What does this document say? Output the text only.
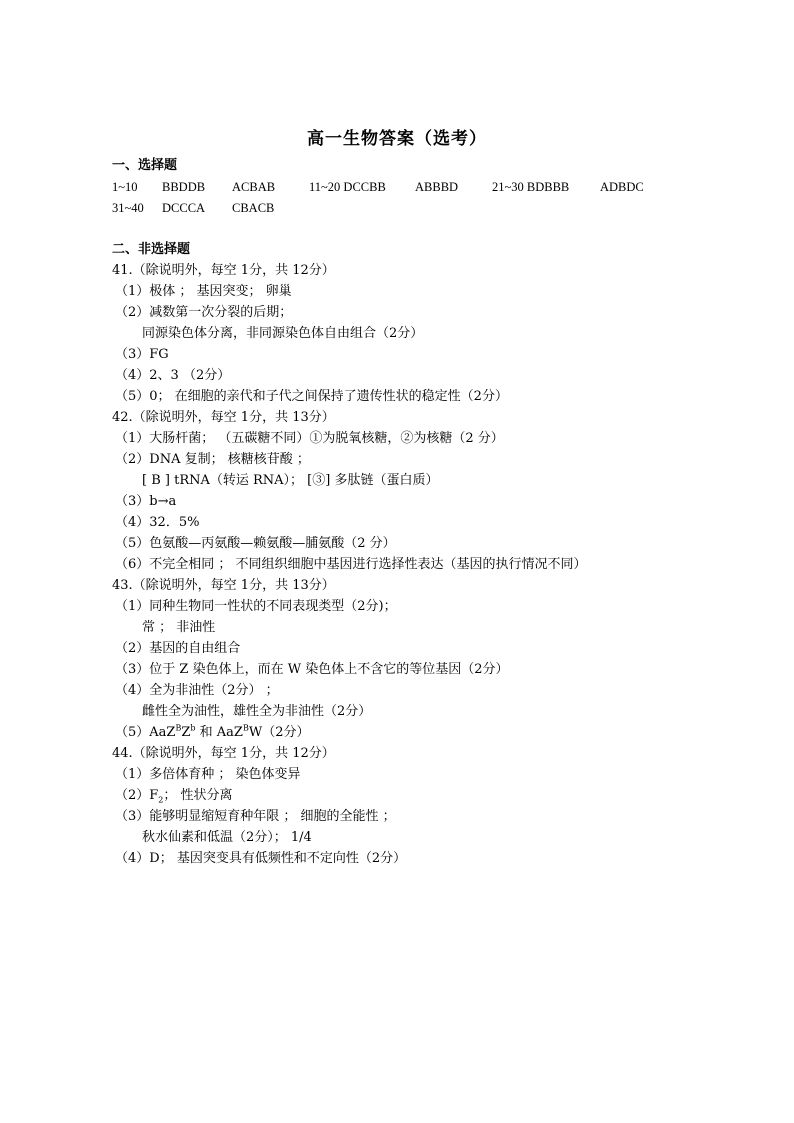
高一生物答案（选考）
一、选择题
1~10 BBDDB ACBAB	11~20 DCCBB ABBBD	21~30 BDBBB ADBDC
31~40 DCCCA CBACB
二、非选择题
41.（除说明外，每空 1分，共 12分）
（1）极体 ； 基因突变； 卵巢
（2）减数第一次分裂的后期；
同源染色体分离，非同源染色体自由组合（2分）
（3）FG
（4）2、3 （2分）
（5）0； 在细胞的亲代和子代之间保持了遗传性状的稳定性（2分）
42.（除说明外，每空 1分，共 13分）
（1）大肠杆菌； （五碳糖不同）①为脱氧核糖，②为核糖（2 分）
（2）DNA 复制； 核糖核苷酸 ；
[ B ] tRNA（转运 RNA）； [③] 多肽链（蛋白质）
（3）b→a
（4）32．5%
（5）色氨酸—丙氨酸—赖氨酸—脯氨酸（2 分）
（6）不完全相同 ； 不同组织细胞中基因进行选择性表达（基因的执行情况不同）
43.（除说明外，每空 1分，共 13分）
（1）同种生物同一性状的不同表现类型（2分)；
常 ； 非油性
（2）基因的自由组合
（3）位于 Z 染色体上，而在 W 染色体上不含它的等位基因（2分）
（4）全为非油性（2分） ；
雌性全为油性，雄性全为非油性（2分）
$(5)AaZ^BZ^b$ 和 AaZ$^B$W（2分）
44.（除说明外，每空 1分，共 12分）
（1）多倍体育种 ； 染色体变异
$(2)F_2$； 性状分离
（3）能够明显缩短育种年限 ； 细胞的全能性 ；
秋水仙素和低温（2分）； 1/4
（4）D； 基因突变具有低频性和不定向性（2分）
